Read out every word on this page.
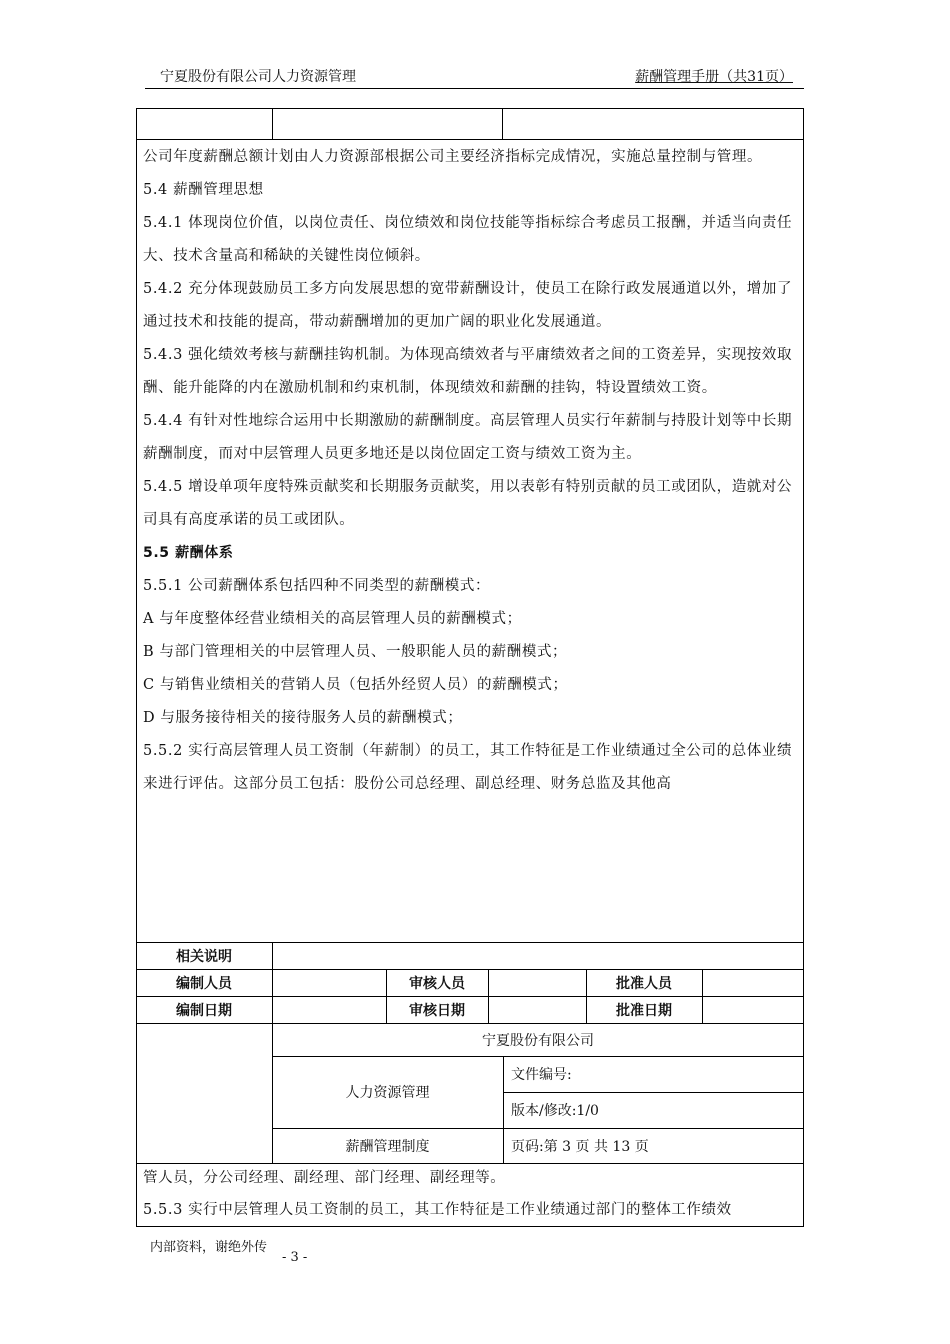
宁夏股份有限公司人力资源管理	薪酬管理手册（共31页）

公司年度薪酬总额计划由人力资源部根据公司主要经济指标完成情况，实施总量控制与管理。

5.4 薪酬管理思想

5.4.1 体现岗位价值，以岗位责任、岗位绩效和岗位技能等指标综合考虑员工报酬，并适当向责任大、技术含量高和稀缺的关键性岗位倾斜。

5.4.2 充分体现鼓励员工多方向发展思想的宽带薪酬设计，使员工在除行政发展通道以外，增加了通过技术和技能的提高，带动薪酬增加的更加广阔的职业化发展通道。

5.4.3 强化绩效考核与薪酬挂钩机制。为体现高绩效者与平庸绩效者之间的工资差异，实现按效取酬、能升能降的内在激励机制和约束机制，体现绩效和薪酬的挂钩，特设置绩效工资。

5.4.4 有针对性地综合运用中长期激励的薪酬制度。高层管理人员实行年薪制与持股计划等中长期薪酬制度，而对中层管理人员更多地还是以岗位固定工资与绩效工资为主。

5.4.5 增设单项年度特殊贡献奖和长期服务贡献奖，用以表彰有特别贡献的员工或团队，造就对公司具有高度承诺的员工或团队。

5.5 薪酬体系

5.5.1 公司薪酬体系包括四种不同类型的薪酬模式：

A 与年度整体经营业绩相关的高层管理人员的薪酬模式；

B 与部门管理相关的中层管理人员、一般职能人员的薪酬模式；

C 与销售业绩相关的营销人员（包括外经贸人员）的薪酬模式；

D 与服务接待相关的接待服务人员的薪酬模式；

5.5.2 实行高层管理人员工资制（年薪制）的员工，其工作特征是工作业绩通过全公司的总体业绩来进行评估。这部分员工包括：股份公司总经理、副总经理、财务总监及其他高

相关说明
编制人员	审核人员	批准人员
编制日期	审核日期	批准日期
宁夏股份有限公司
人力资源管理
文件编号:
版本/修改:1/0
薪酬管理制度	页码:第 3 页 共 13 页

管人员，分公司经理、副经理、部门经理、副经理等。

5.5.3 实行中层管理人员工资制的员工，其工作特征是工作业绩通过部门的整体工作绩效

内部资料，谢绝外传
- 3 -
